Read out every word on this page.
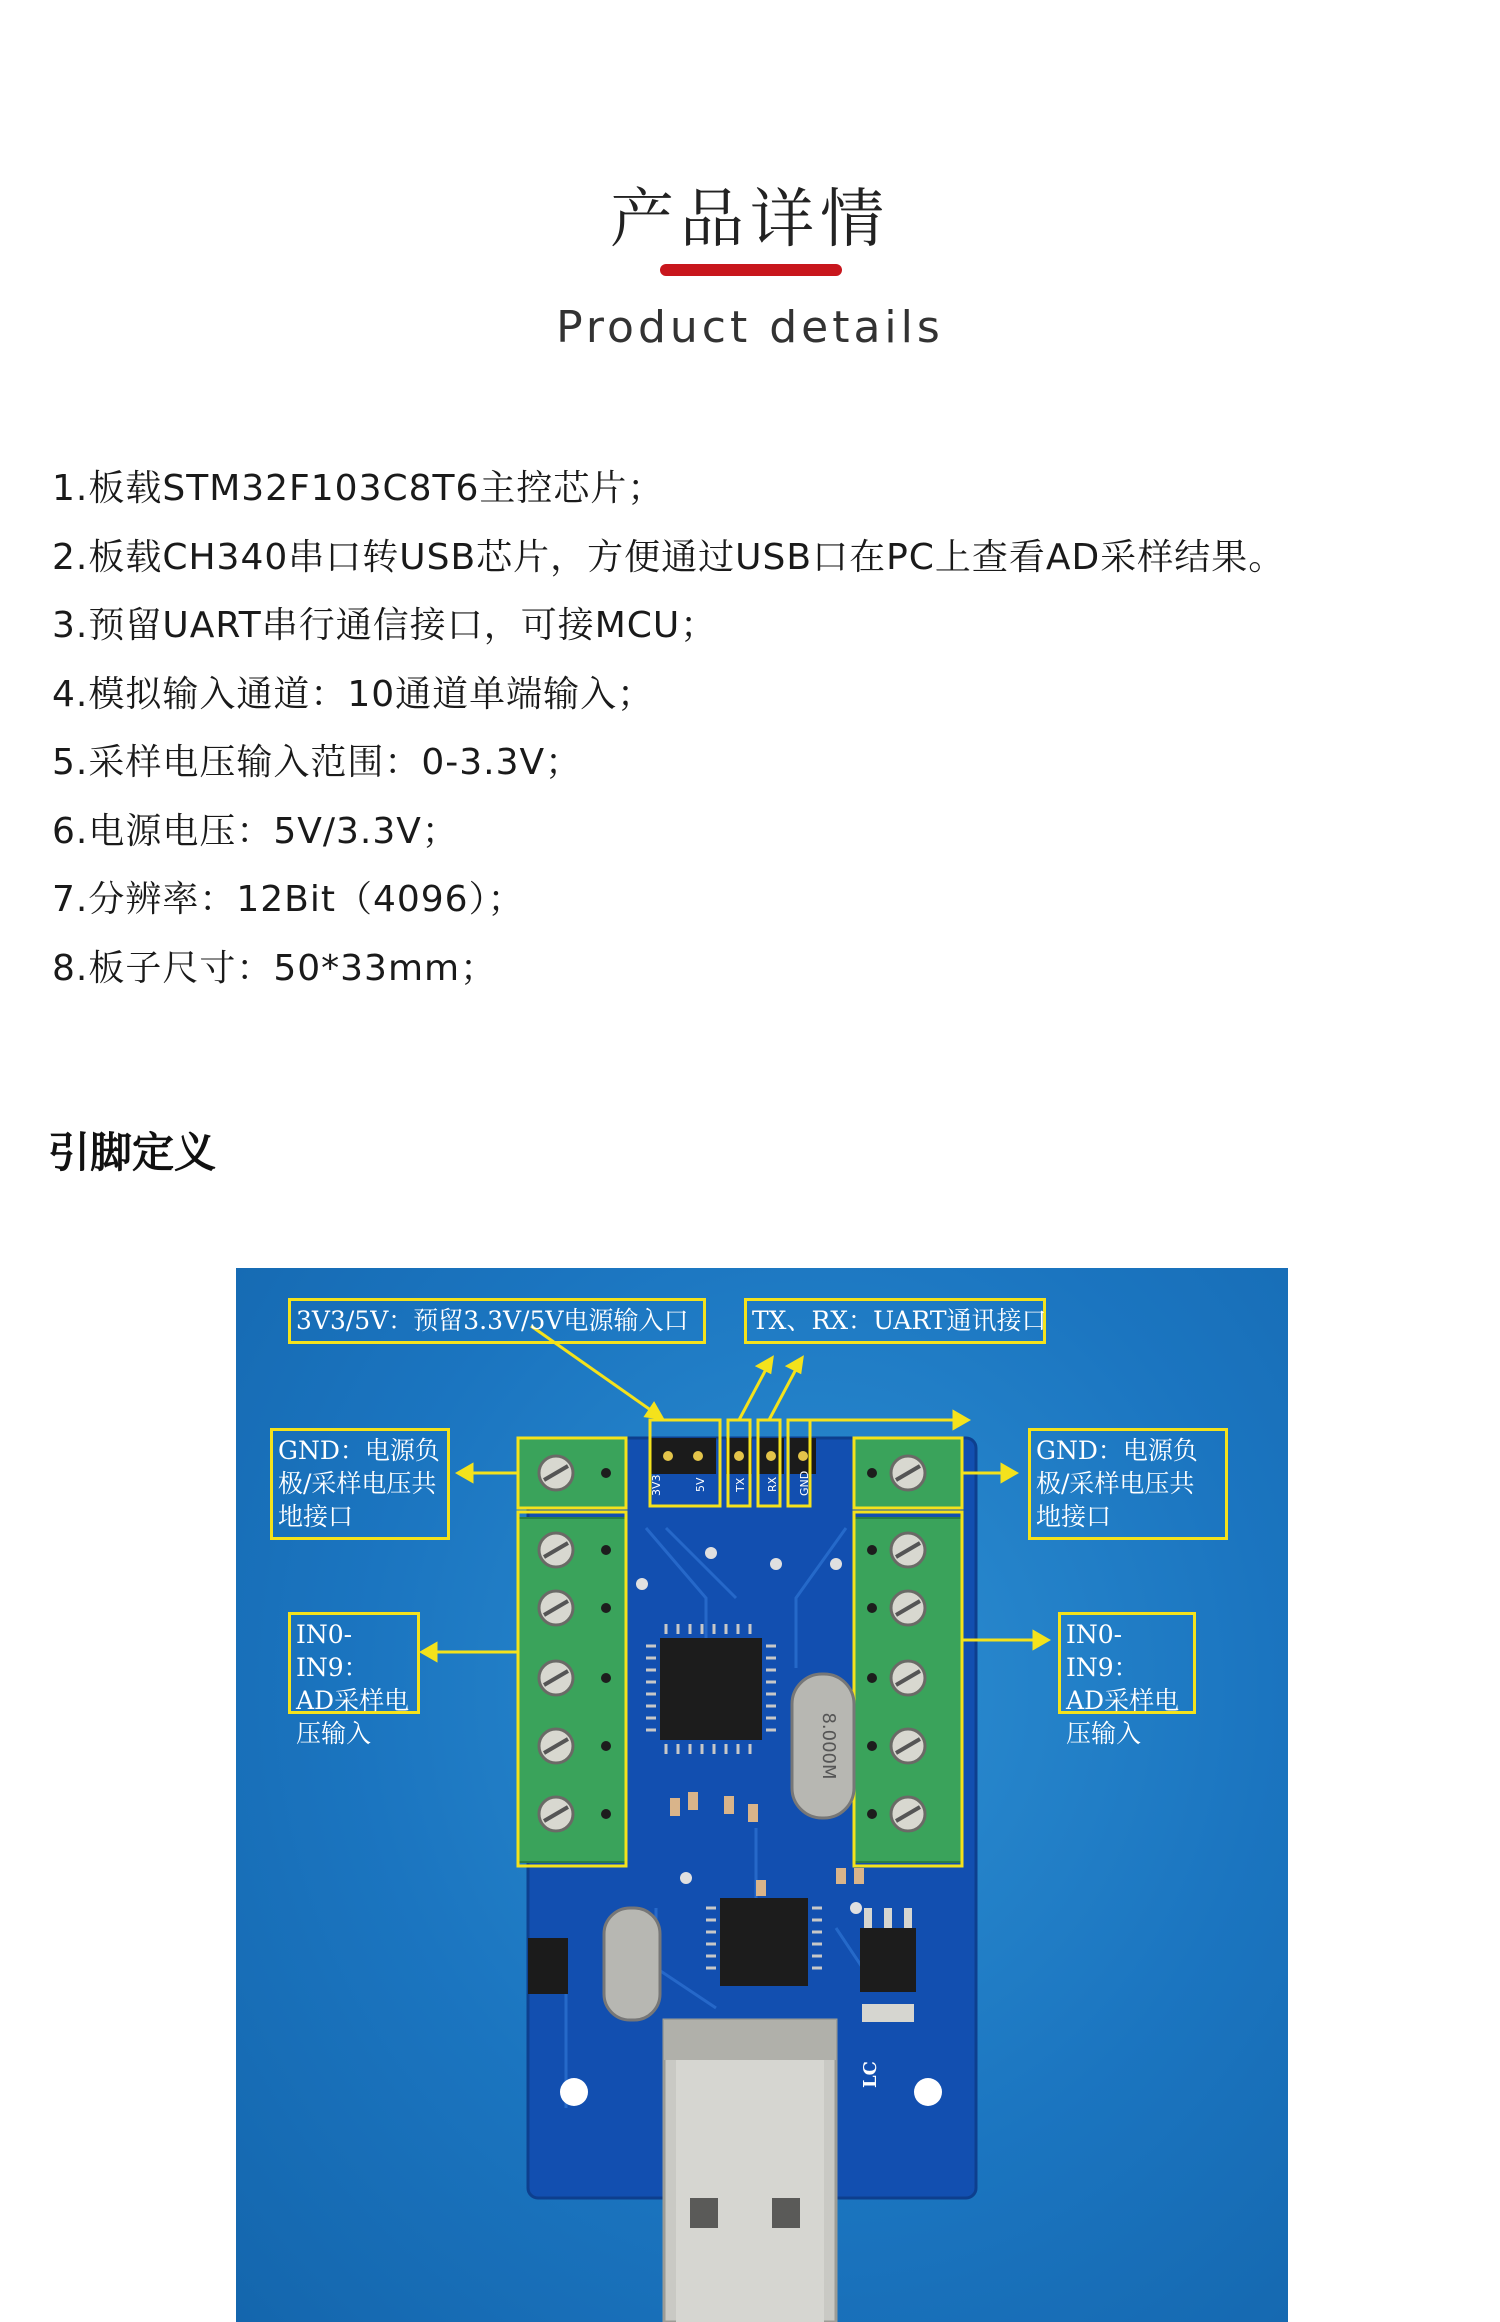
产品详情
Product details
1.板载STM32F103C8T6主控芯片；
2.板载CH340串口转USB芯片，方便通过USB口在PC上查看AD采样结果。
3.预留UART串行通信接口，可接MCU；
4.模拟输入通道：10通道单端输入；
5.采样电压输入范围：0-3.3V；
6.电源电压：5V/3.3V；
7.分辨率：12Bit（4096）；
8.板子尺寸：50*33mm；
引脚定义
3V3	5V TX RX GND
8.000M
LC
3V3/5V：预留3.3V/5V电源输入口	TX、RX：UART通讯接口
GND：电源负
极/采样电压共
地接口
GND：电源负
极/采样电压共
地接口
IN0-IN9：
AD采样电
压输入
IN0-IN9：
AD采样电
压输入
